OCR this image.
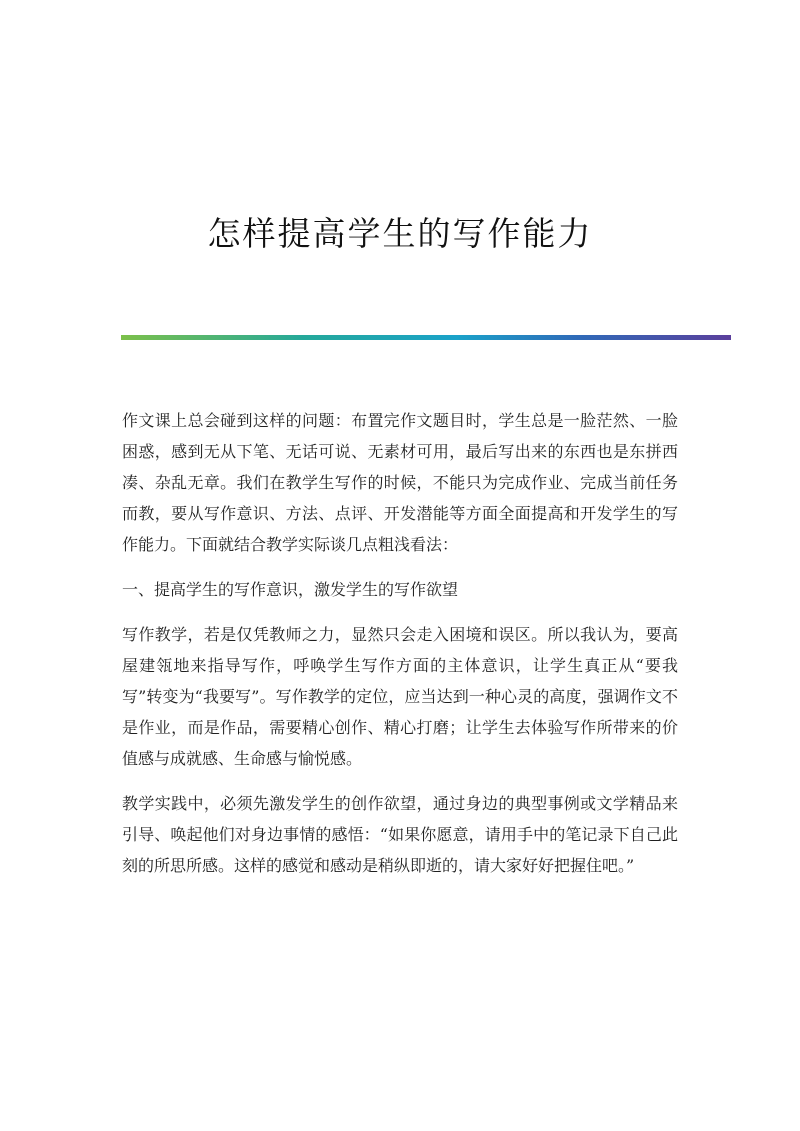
怎样提高学生的写作能力

作文课上总会碰到这样的问题：布置完作文题目时，学生总是一脸茫然、一脸困惑，感到无从下笔、无话可说、无素材可用，最后写出来的东西也是东拼西凑、杂乱无章。我们在教学生写作的时候，不能只为完成作业、完成当前任务而教，要从写作意识、方法、点评、开发潜能等方面全面提高和开发学生的写作能力。下面就结合教学实际谈几点粗浅看法：

一、提高学生的写作意识，激发学生的写作欲望

写作教学，若是仅凭教师之力，显然只会走入困境和误区。所以我认为，要高屋建瓴地来指导写作，呼唤学生写作方面的主体意识，让学生真正从“要我写”转变为“我要写”。写作教学的定位，应当达到一种心灵的高度，强调作文不是作业，而是作品，需要精心创作、精心打磨；让学生去体验写作所带来的价值感与成就感、生命感与愉悦感。

教学实践中，必须先激发学生的创作欲望，通过身边的典型事例或文学精品来引导、唤起他们对身边事情的感悟：“如果你愿意，请用手中的笔记录下自己此刻的所思所感。这样的感觉和感动是稍纵即逝的，请大家好好把握住吧。”
